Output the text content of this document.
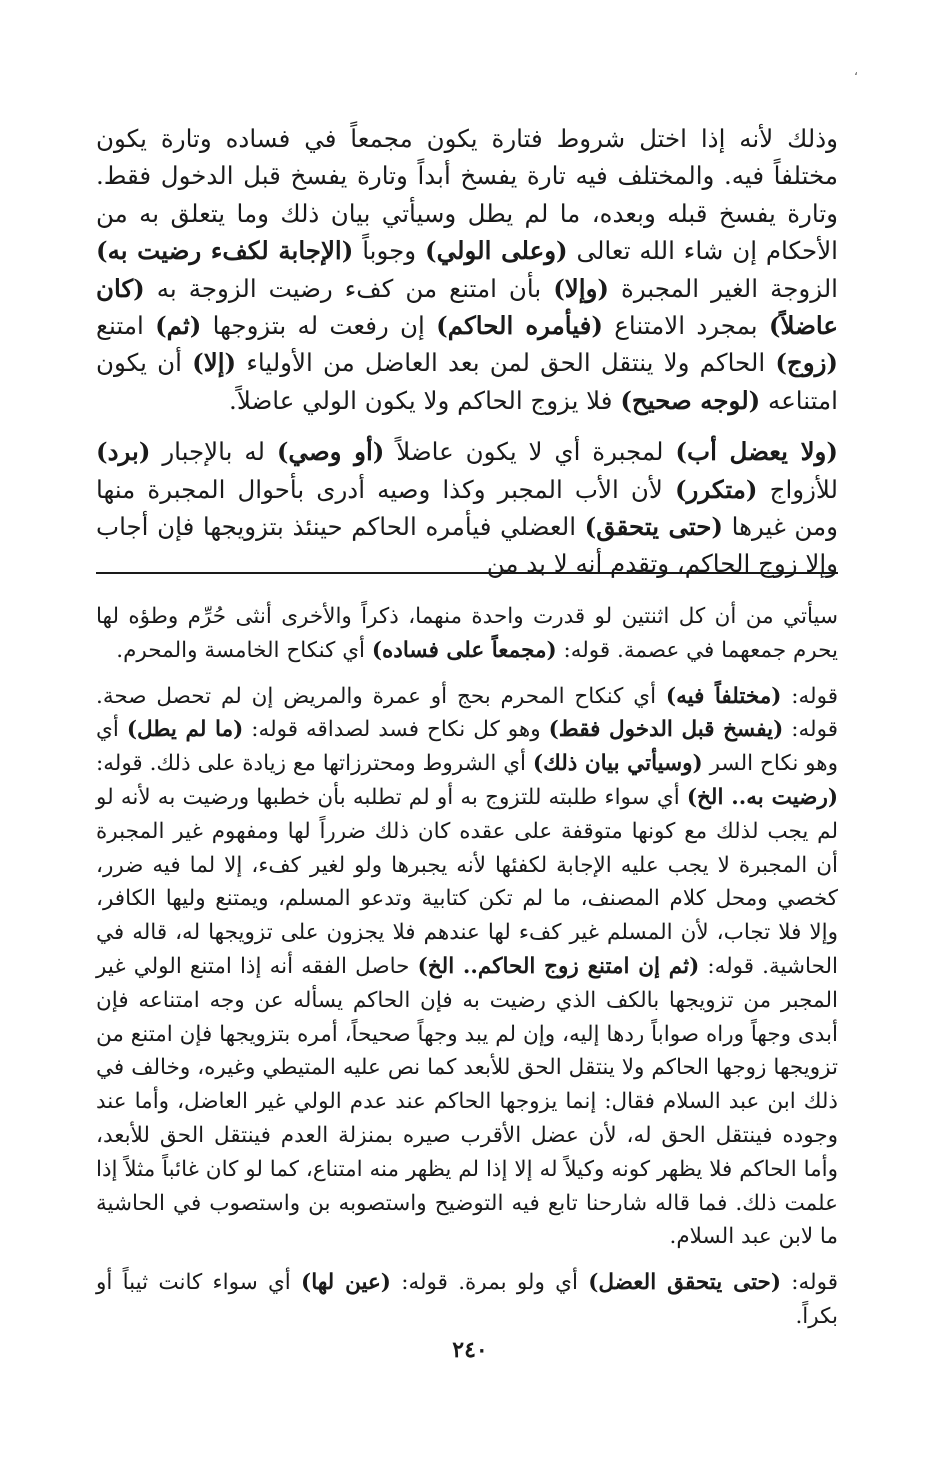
،

وذلك لأنه إذا اختل شروط فتارة يكون مجمعاً في فساده وتارة يكون مختلفاً فيه. والمختلف فيه تارة يفسخ أبداً وتارة يفسخ قبل الدخول فقط. وتارة يفسخ قبله وبعده، ما لم يطل وسيأتي بيان ذلك وما يتعلق به من الأحكام إن شاء الله تعالى (وعلى الولي) وجوباً (الإجابة لكفء رضيت به) الزوجة الغير المجبرة (وإلا) بأن امتنع من كفء رضيت الزوجة به (كان عاضلاً) بمجرد الامتناع (فيأمره الحاكم) إن رفعت له بتزوجها (ثم) امتنع (زوج) الحاكم ولا ينتقل الحق لمن بعد العاضل من الأولياء (إلا) أن يكون امتناعه (لوجه صحيح) فلا يزوج الحاكم ولا يكون الولي عاضلاً.

(ولا يعضل أب) لمجبرة أي لا يكون عاضلاً (أو وصي) له بالإجبار (برد) للأزواج (متكرر) لأن الأب المجبر وكذا وصيه أدرى بأحوال المجبرة منها ومن غيرها (حتى يتحقق) العضلي فيأمره الحاكم حينئذ بتزويجها فإن أجاب وإلا زوج الحاكم، وتقدم أنه لا بد من

سيأتي من أن كل اثنتين لو قدرت واحدة منهما، ذكراً والأخرى أنثى حُرِّم وطؤه لها يحرم جمعهما في عصمة. قوله: (مجمعاً على فساده) أي كنكاح الخامسة والمحرم.

قوله: (مختلفاً فيه) أي كنكاح المحرم بحج أو عمرة والمريض إن لم تحصل صحة. قوله: (يفسخ قبل الدخول فقط) وهو كل نكاح فسد لصداقه قوله: (ما لم يطل) أي وهو نكاح السر (وسيأتي بيان ذلك) أي الشروط ومحترزاتها مع زيادة على ذلك. قوله: (رضيت به.. الخ) أي سواء طلبته للتزوج به أو لم تطلبه بأن خطبها ورضيت به لأنه لو لم يجب لذلك مع كونها متوقفة على عقده كان ذلك ضرراً لها ومفهوم غير المجبرة أن المجبرة لا يجب عليه الإجابة لكفئها لأنه يجبرها ولو لغير كفء، إلا لما فيه ضرر، كخصي ومحل كلام المصنف، ما لم تكن كتابية وتدعو المسلم، ويمتنع وليها الكافر، وإلا فلا تجاب، لأن المسلم غير كفء لها عندهم فلا يجزون على تزويجها له، قاله في الحاشية. قوله: (ثم إن امتنع زوج الحاكم.. الخ) حاصل الفقه أنه إذا امتنع الولي غير المجبر من تزويجها بالكف الذي رضيت به فإن الحاكم يسأله عن وجه امتناعه فإن أبدى وجهاً وراه صواباً ردها إليه، وإن لم يبد وجهاً صحيحاً، أمره بتزويجها فإن امتنع من تزويجها زوجها الحاكم ولا ينتقل الحق للأبعد كما نص عليه المتيطي وغيره، وخالف في ذلك ابن عبد السلام فقال: إنما يزوجها الحاكم عند عدم الولي غير العاضل، وأما عند وجوده فينتقل الحق له، لأن عضل الأقرب صيره بمنزلة العدم فينتقل الحق للأبعد، وأما الحاكم فلا يظهر كونه وكيلاً له إلا إذا لم يظهر منه امتناع، كما لو كان غائباً مثلاً إذا علمت ذلك. فما قاله شارحنا تابع فيه التوضيح واستصوبه بن واستصوب في الحاشية ما لابن عبد السلام.

قوله: (حتى يتحقق العضل) أي ولو بمرة. قوله: (عين لها) أي سواء كانت ثيباً أو بكراً.

٢٤٠
